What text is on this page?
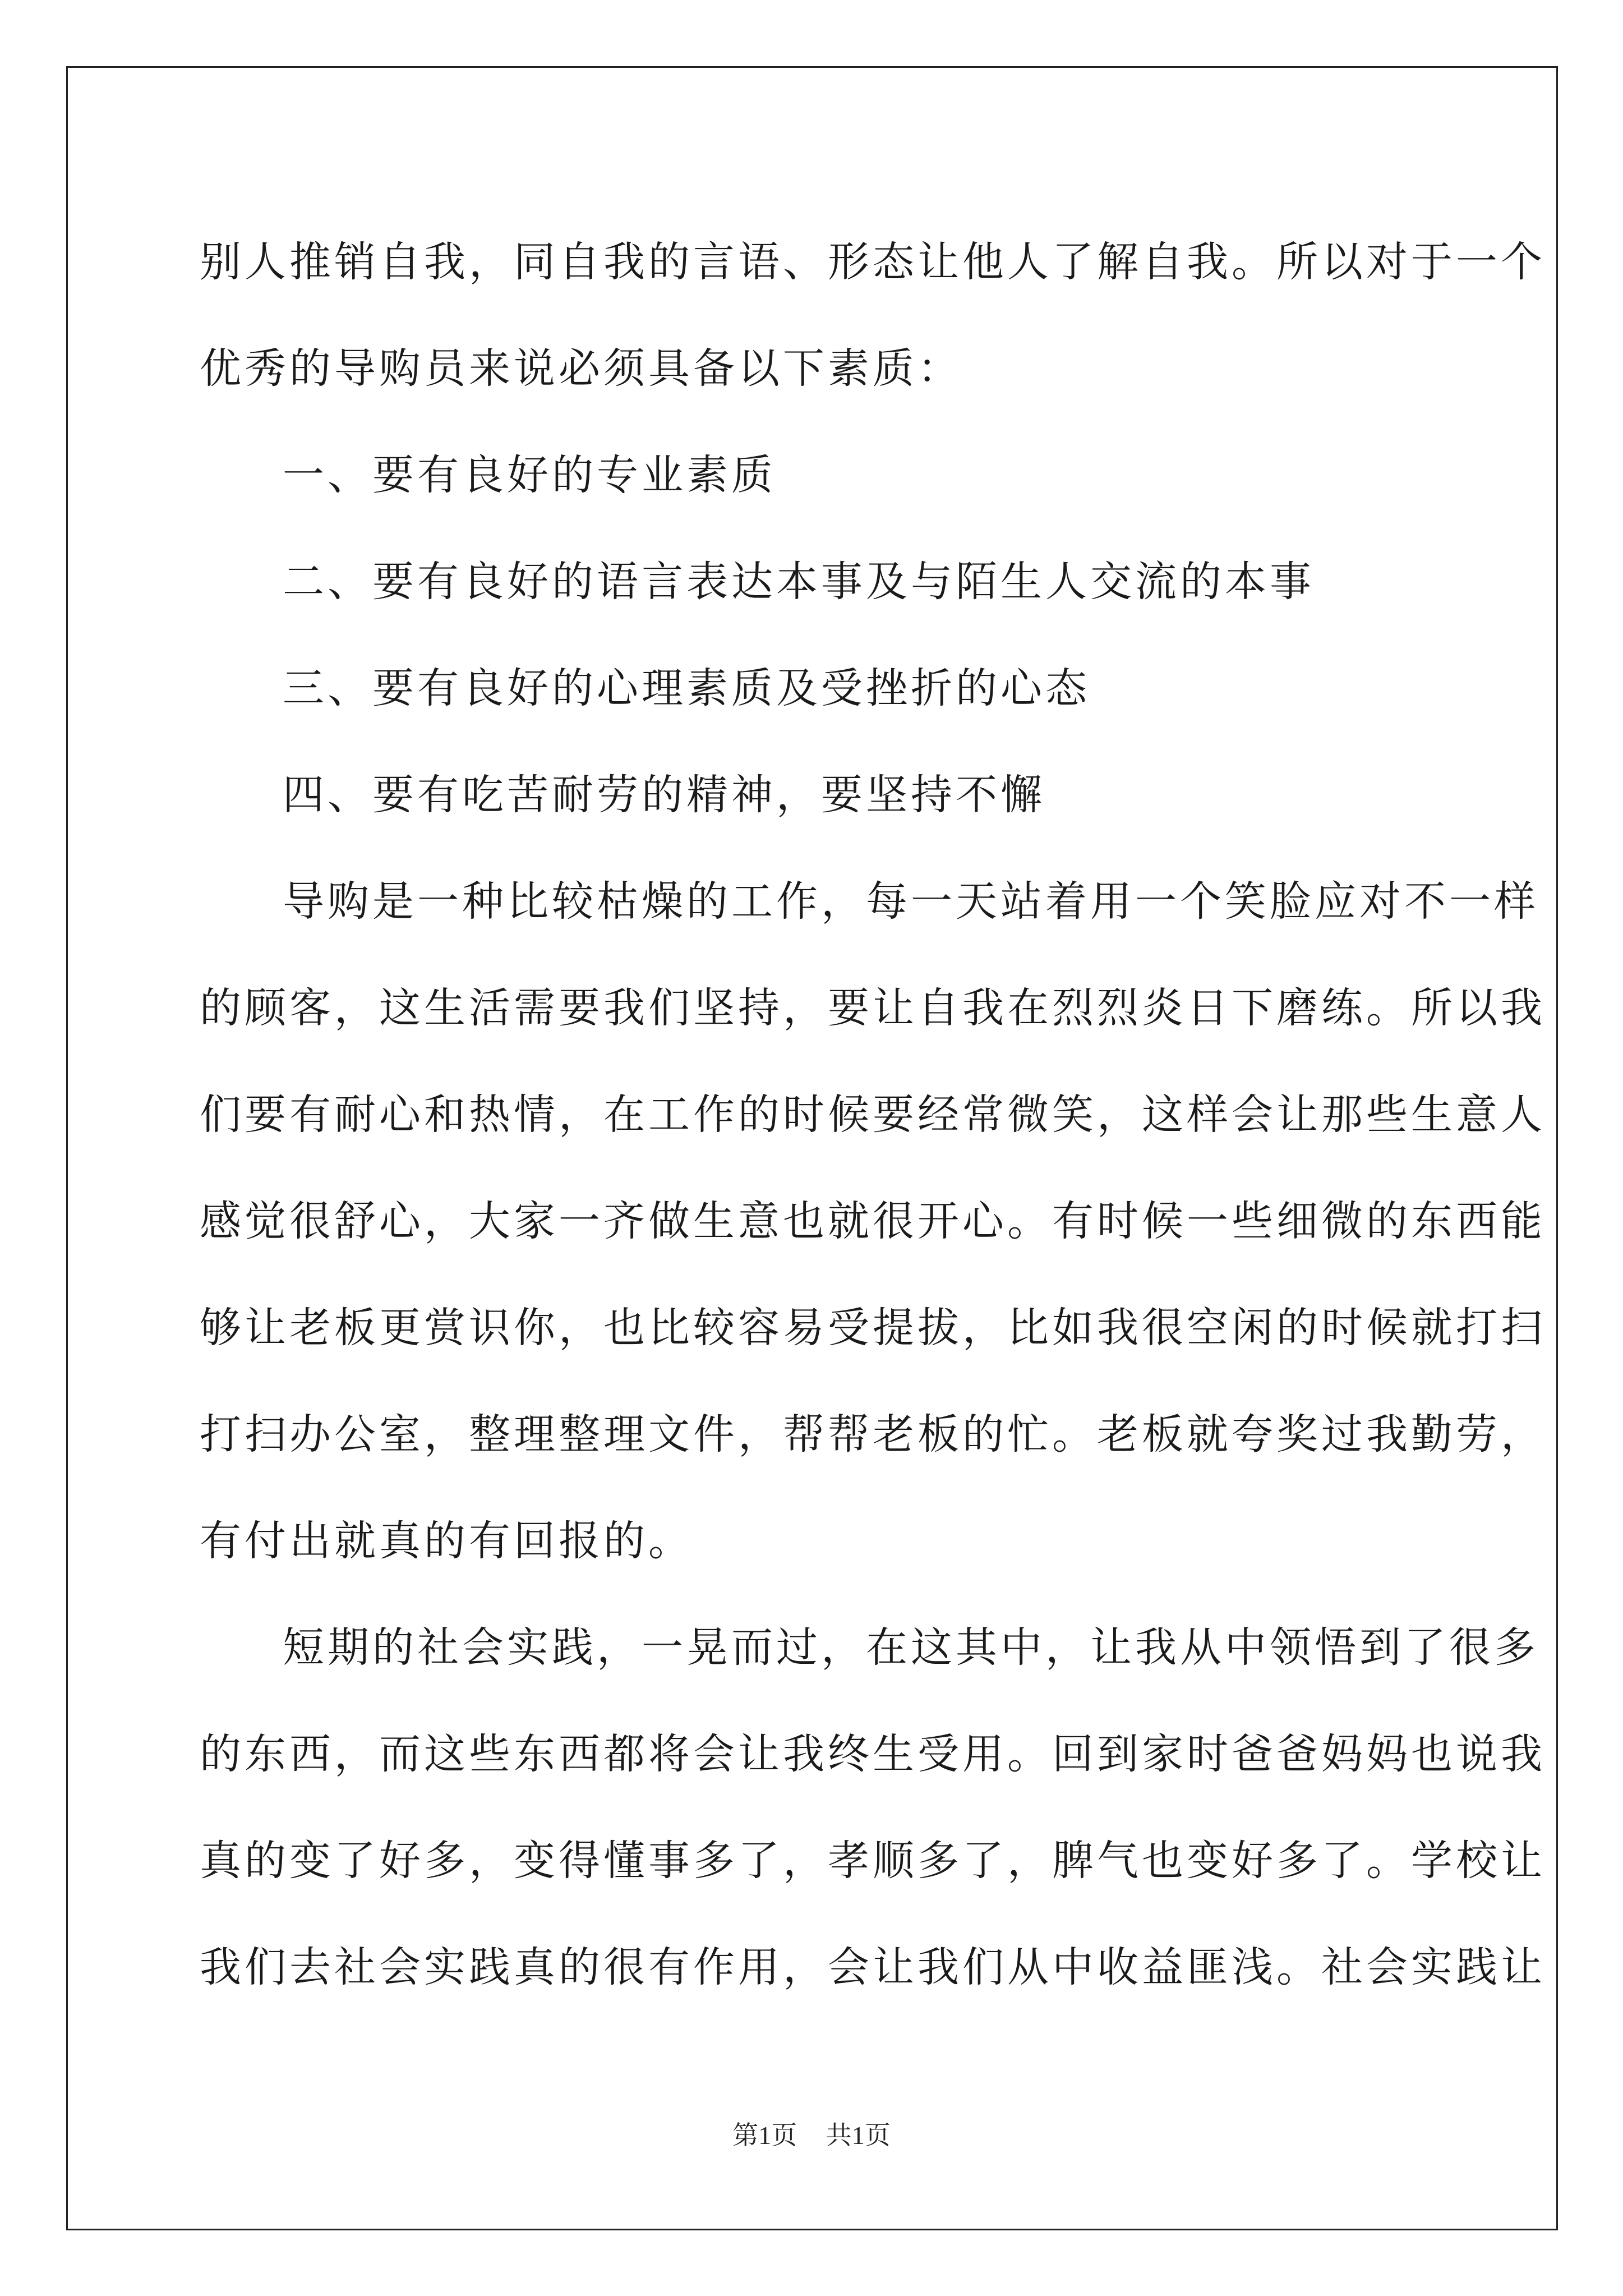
别人推销自我，同自我的言语、形态让他人了解自我。所以对于一个
优秀的导购员来说必须具备以下素质：
一、要有良好的专业素质
二、要有良好的语言表达本事及与陌生人交流的本事
三、要有良好的心理素质及受挫折的心态
四、要有吃苦耐劳的精神，要坚持不懈
导购是一种比较枯燥的工作，每一天站着用一个笑脸应对不一样
的顾客，这生活需要我们坚持，要让自我在烈烈炎日下磨练。所以我
们要有耐心和热情，在工作的时候要经常微笑，这样会让那些生意人
感觉很舒心，大家一齐做生意也就很开心。有时候一些细微的东西能
够让老板更赏识你，也比较容易受提拔，比如我很空闲的时候就打扫
打扫办公室，整理整理文件，帮帮老板的忙。老板就夸奖过我勤劳，
有付出就真的有回报的。
短期的社会实践，一晃而过，在这其中，让我从中领悟到了很多
的东西，而这些东西都将会让我终生受用。回到家时爸爸妈妈也说我
真的变了好多，变得懂事多了，孝顺多了，脾气也变好多了。学校让
我们去社会实践真的很有作用，会让我们从中收益匪浅。社会实践让
第1页 共1页
